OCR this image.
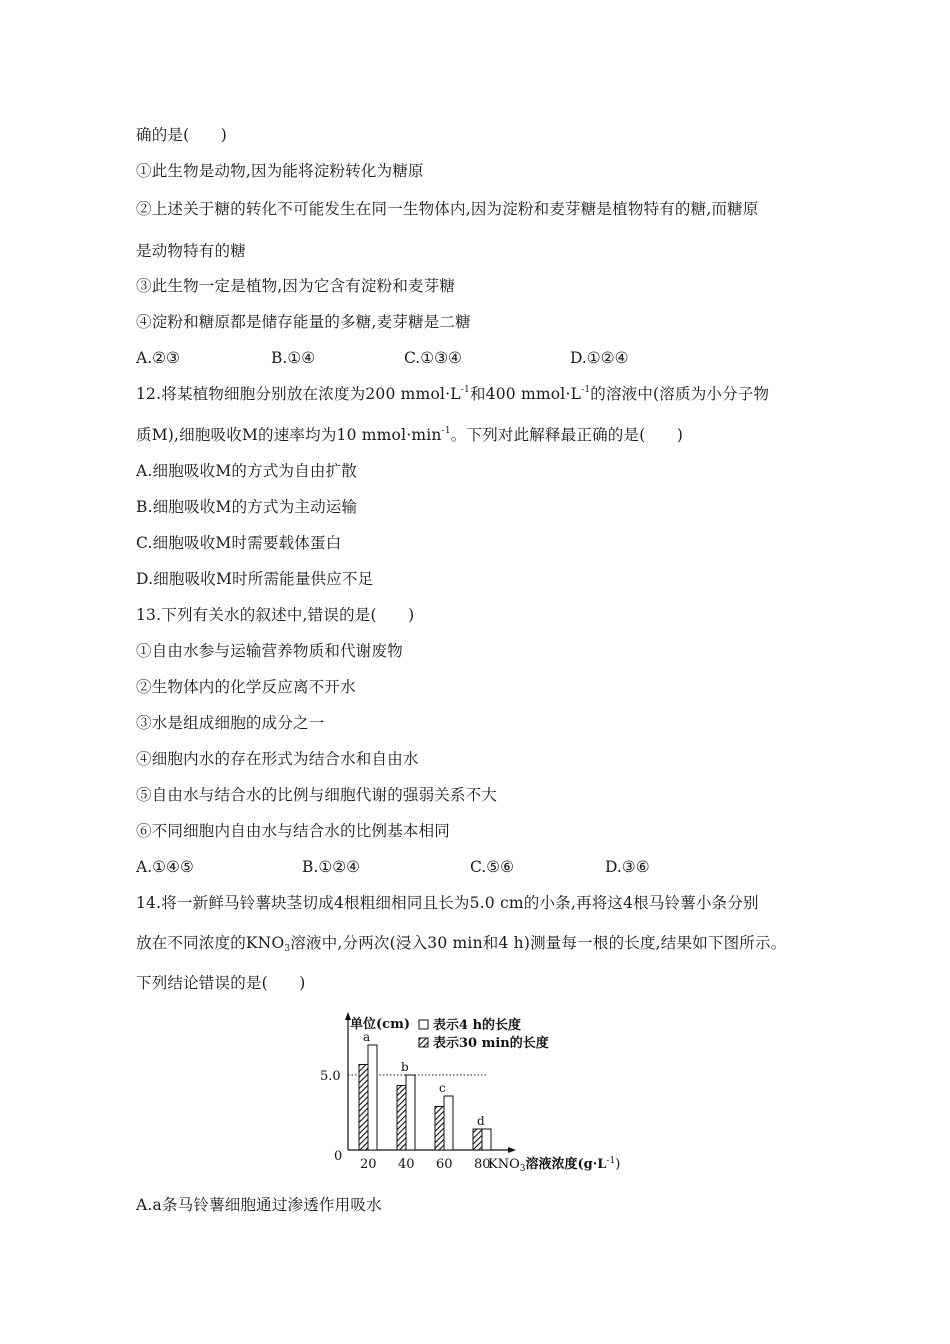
确的是(　　)
①此生物是动物,因为能将淀粉转化为糖原
②上述关于糖的转化不可能发生在同一生物体内,因为淀粉和麦芽糖是植物特有的糖,而糖原
是动物特有的糖
③此生物一定是植物,因为它含有淀粉和麦芽糖
④淀粉和糖原都是储存能量的多糖,麦芽糖是二糖
A.②③	B.①④	C.①③④	D.①②④
12.将某植物细胞分别放在浓度为200 $mmol\cdot L^{-1}$和400 $mmol\cdot L^{-1}$的溶液中(溶质为小分子物
质M),细胞吸收M的速率均为10 $mmol\cdot\min^{-1}$。下列对此解释最正确的是(　　)
A.细胞吸收M的方式为自由扩散
B.细胞吸收M的方式为主动运输
C.细胞吸收M时需要载体蛋白
D.细胞吸收M时所需能量供应不足
13.下列有关水的叙述中,错误的是(　　)
①自由水参与运输营养物质和代谢废物
②生物体内的化学反应离不开水
③水是组成细胞的成分之一
④细胞内水的存在形式为结合水和自由水
⑤自由水与结合水的比例与细胞代谢的强弱关系不大
⑥不同细胞内自由水与结合水的比例基本相同
A.①④⑤	B.①②④	C.⑤⑥	D.③⑥
14.将一新鲜马铃薯块茎切成4根粗细相同且长为5.0 cm的小条,再将这4根马铃薯小条分别
放在不同浓度的$KNO_3$溶液中,分两次(浸入30 min和4 h)测量每一根的长度,结果如下图所示。
下列结论错误的是(　　)
单位(cm)
0
5.0
表示4 h的长度
表示30 min的长度
$KNO_3$溶液浓度$(g\cdot L^{-1})$
a
20
b
40
c
60
d
80
A.a条马铃薯细胞通过渗透作用吸水
